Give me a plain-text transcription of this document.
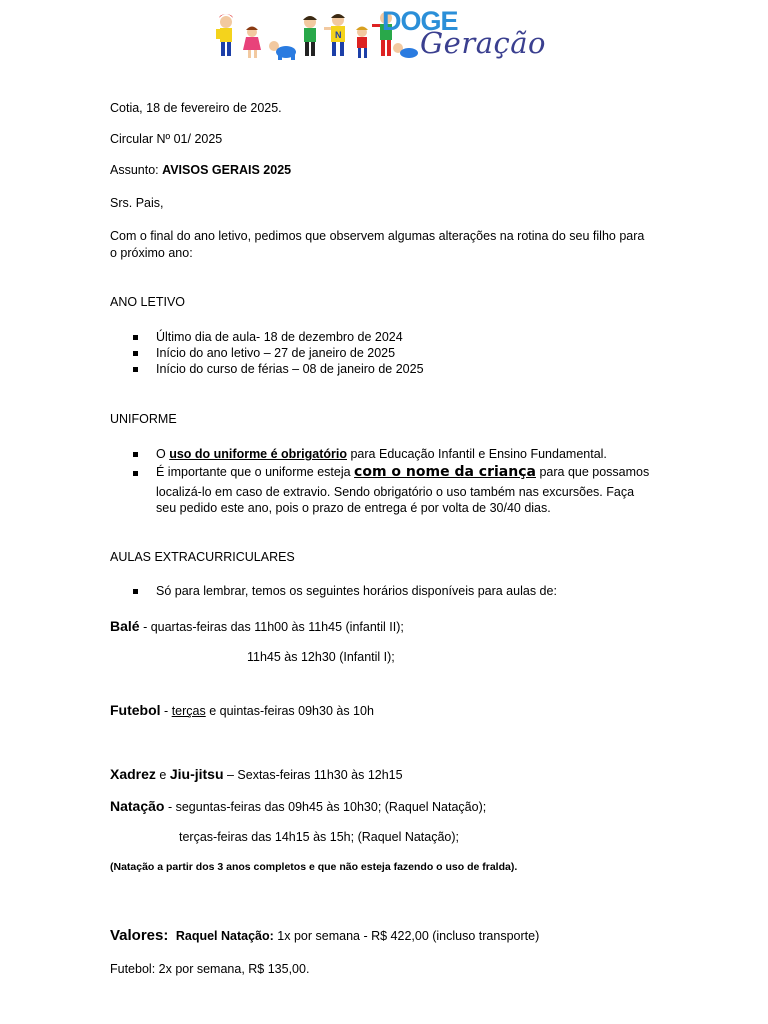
N DOGE
Geração
Cotia, 18 de fevereiro de 2025.
Circular Nº 01/ 2025
Assunto: AVISOS GERAIS 2025
Srs. Pais,
Com o final do ano letivo, pedimos que observem algumas alterações na rotina do seu filho para
o próximo ano:
ANO LETIVO
Último dia de aula- 18 de dezembro de 2024
Início do ano letivo – 27 de janeiro de 2025
Início do curso de férias – 08 de janeiro de 2025
UNIFORME
O uso do uniforme é obrigatório para Educação Infantil e Ensino Fundamental.
É importante que o uniforme esteja com o nome da criança para que possamos
localizá-lo em caso de extravio. Sendo obrigatório o uso também nas excursões. Faça
seu pedido este ano, pois o prazo de entrega é por volta de 30/40 dias.
AULAS EXTRACURRICULARES
Só para lembrar, temos os seguintes horários disponíveis para aulas de:
Balé - quartas-feiras das 11h00 às 11h45 (infantil II);
11h45 às 12h30 (Infantil I);
Futebol - terças e quintas-feiras 09h30 às 10h
Xadrez e Jiu-jitsu – Sextas-feiras 11h30 às 12h15
Natação - seguntas-feiras das 09h45 às 10h30; (Raquel Natação);
terças-feiras das 14h15 às 15h; (Raquel Natação);
(Natação a partir dos 3 anos completos e que não esteja fazendo o uso de fralda).
Valores: Raquel Natação: 1x por semana - R$ 422,00 (incluso transporte)
Futebol: 2x por semana, R$ 135,00.
